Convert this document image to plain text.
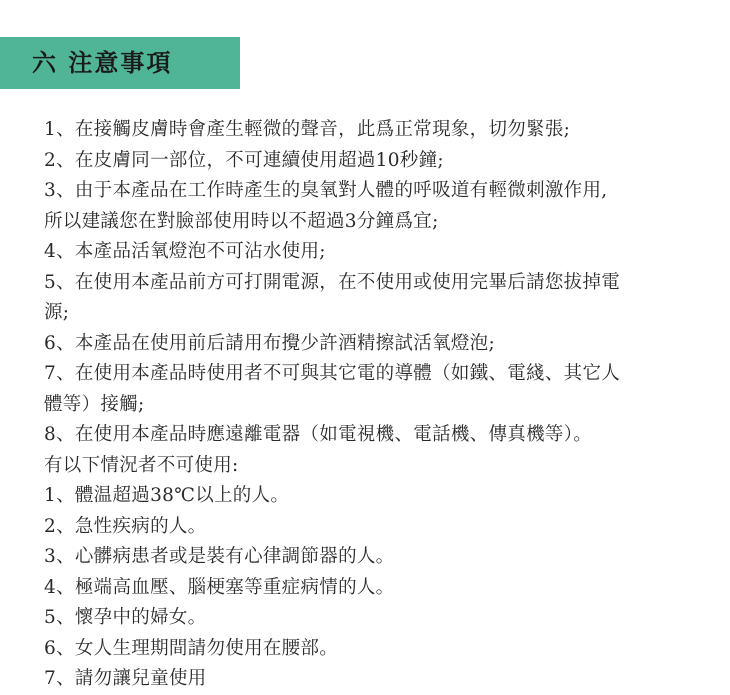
六 注意事項
1、在接觸皮膚時會產生輕微的聲音，此爲正常現象，切勿緊張;
2、在皮膚同一部位，不可連續使用超過10秒鐘;
3、由于本產品在工作時產生的臭氧對人體的呼吸道有輕微刺激作用,
所以建議您在對臉部使用時以不超過3分鐘爲宜;
4、本產品活氧燈泡不可沾水使用;
5、在使用本產品前方可打開電源，在不使用或使用完畢后請您拔掉電
源;
6、本產品在使用前后請用布攪少許酒精擦試活氧燈泡;
7、在使用本產品時使用者不可與其它電的導體（如鐵、電綫、其它人
體等）接觸;
8、在使用本產品時應遠離電器（如電視機、電話機、傳真機等）。
有以下情況者不可使用:
1、體温超過38℃以上的人。
2、急性疾病的人。
3、心髒病患者或是裝有心律調節器的人。
4、極端高血壓、腦梗塞等重症病情的人。
5、懷孕中的婦女。
6、女人生理期間請勿使用在腰部。
7、請勿讓兒童使用
